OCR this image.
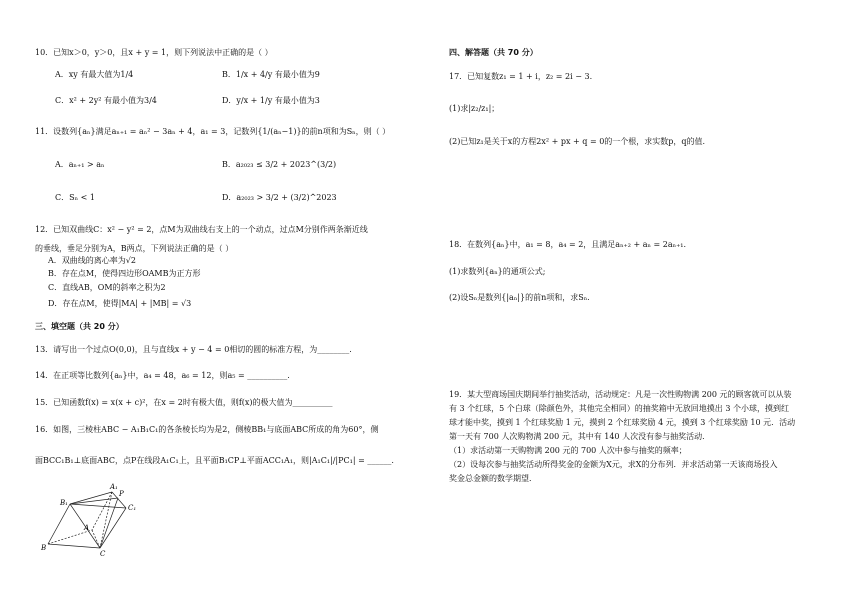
10．已知x＞0，y＞0，且x + y = 1，则下列说法中正确的是（ ）
A．xy 有最大值为1/4	B．1/x + 4/y 有最小值为9
C．x² + 2y² 有最小值为3/4	D．y/x + 1/y 有最小值为3
11．设数列{aₙ}满足aₙ₊₁ = aₙ² − 3aₙ + 4，a₁ = 3，记数列{1/(aₙ−1)}的前n项和为Sₙ，则（ ）
A．aₙ₊₁ > aₙ	B．a₂₀₂₃ ≤ 3/2 + 2023^(3/2)
C．Sₙ < 1	D．a₂₀₂₃ > 3/2 + (3/2)^2023
12．已知双曲线C：x² − y² = 2，点M为双曲线右支上的一个动点，过点M分别作两条渐近线
的垂线，垂足分别为A，B两点，下列说法正确的是（ ）
A．双曲线的离心率为√2
B．存在点M，使得四边形OAMB为正方形
C．直线AB，OM的斜率之积为2
D．存在点M，使得|MA| + |MB| = √3
三、填空题（共 20 分）
13．请写出一个过点O(0,0)，且与直线x + y − 4 = 0相切的圆的标准方程，为________.
14．在正项等比数列{aₙ}中，a₄ = 48，a₆ = 12，则a₅ = __________.
15．已知函数f(x) = x(x + c)²，在x = 2时有极大值，则f(x)的极大值为__________
16．如图，三棱柱ABC − A₁B₁C₁的各条棱长均为是2，侧棱BB₁与底面ABC所成的角为60°，侧
面BCC₁B₁⊥底面ABC，点P在线段A₁C₁上，且平面B₁CP⊥平面ACC₁A₁，则|A₁C₁|/|PC₁| = ______.
A₁
P
B₁
C₁
A
B
C
四、解答题（共 70 分）
17．已知复数z₁ = 1 + i，z₂ = 2i − 3.
(1)求|z₂/z₁|；
(2)已知z₁是关于x的方程2x² + px + q = 0的一个根，求实数p，q的值.
18．在数列{aₙ}中，a₁ = 8，a₄ = 2，且满足aₙ₊₂ + aₙ = 2aₙ₊₁.
(1)求数列{aₙ}的通项公式;
(2)设Sₙ是数列{|aₙ|}的前n项和，求Sₙ.
19．某大型商场国庆期间举行抽奖活动，活动规定：凡是一次性购物满 200 元的顾客就可以从装
有 3 个红球，5 个白球（除颜色外，其他完全相同）的抽奖箱中无放回地摸出 3 个小球，摸到红
球才能中奖，摸到 1 个红球奖励 1 元，摸到 2 个红球奖励 4 元，摸到 3 个红球奖励 10 元．活动
第一天有 700 人次购物满 200 元，其中有 140 人次没有参与抽奖活动．
（1）求活动第一天购物满 200 元的 700 人次中参与抽奖的频率；
（2）设每次参与抽奖活动所得奖金的金额为X元，求X的分布列．并求活动第一天该商场投入
奖金总金额的数学期望．
